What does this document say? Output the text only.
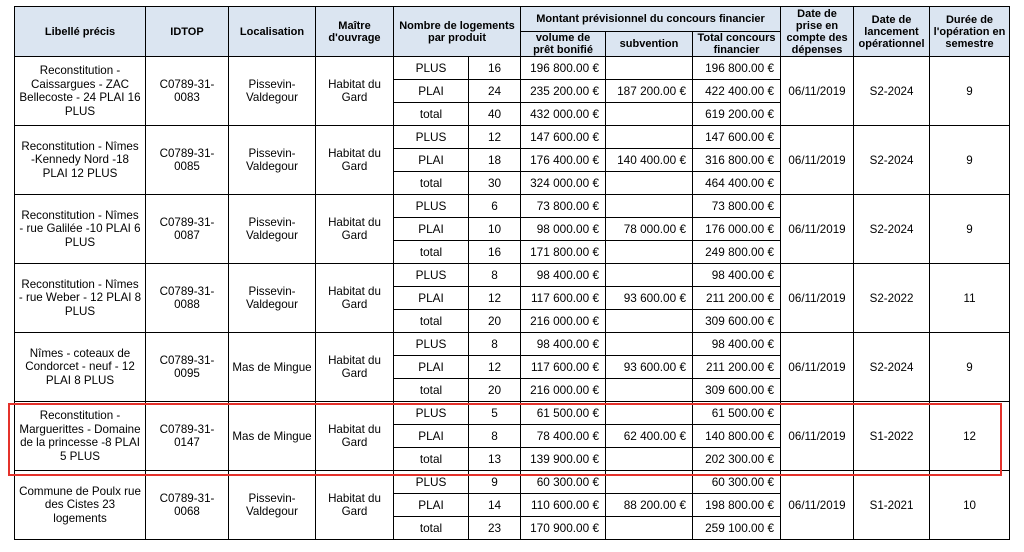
Libellé précis	IDTOP	Localisation	Maître d'ouvrage	Nombre de logements par produit		Montant prévisionnel du concours financier			Date de prise en compte des dépenses	Date de lancement opérationnel	Durée de l'opération en semestre
						volume de prêt bonifié	subvention	Total concours financier			
Reconstitution - Caissargues - ZAC Bellecoste - 24 PLAI 16 PLUS	C0789-31-0083	Pissevin-Valdegour	Habitat du Gard	PLUS	16	196 800.00 €		196 800.00 €	06/11/2019	S2-2024	9
				PLAI	24	235 200.00 €	187 200.00 €	422 400.00 €			
				total	40	432 000.00 €		619 200.00 €			
Reconstitution - Nîmes -Kennedy Nord -18 PLAI 12 PLUS	C0789-31-0085	Pissevin-Valdegour	Habitat du Gard	PLUS	12	147 600.00 €		147 600.00 €	06/11/2019	S2-2024	9
				PLAI	18	176 400.00 €	140 400.00 €	316 800.00 €			
				total	30	324 000.00 €		464 400.00 €			
Reconstitution - Nîmes - rue Galilée -10 PLAI 6 PLUS	C0789-31-0087	Pissevin-Valdegour	Habitat du Gard	PLUS	6	73 800.00 €		73 800.00 €	06/11/2019	S2-2024	9
				PLAI	10	98 000.00 €	78 000.00 €	176 000.00 €			
				total	16	171 800.00 €		249 800.00 €			
Reconstitution - Nîmes - rue Weber - 12 PLAI 8 PLUS	C0789-31-0088	Pissevin-Valdegour	Habitat du Gard	PLUS	8	98 400.00 €		98 400.00 €	06/11/2019	S2-2022	11
				PLAI	12	117 600.00 €	93 600.00 €	211 200.00 €			
				total	20	216 000.00 €		309 600.00 €			
Nîmes - coteaux de Condorcet - neuf - 12 PLAI 8 PLUS	C0789-31-0095	Mas de Mingue	Habitat du Gard	PLUS	8	98 400.00 €		98 400.00 €	06/11/2019	S2-2024	9
				PLAI	12	117 600.00 €	93 600.00 €	211 200.00 €			
				total	20	216 000.00 €		309 600.00 €			
Reconstitution - Marguerittes - Domaine de la princesse -8 PLAI 5 PLUS	C0789-31-0147	Mas de Mingue	Habitat du Gard	PLUS	5	61 500.00 €		61 500.00 €	06/11/2019	S1-2022	12
				PLAI	8	78 400.00 €	62 400.00 €	140 800.00 €			
				total	13	139 900.00 €		202 300.00 €			
Commune de Poulx rue des Cistes 23 logements	C0789-31-0068	Pissevin-Valdegour	Habitat du Gard	PLUS	9	60 300.00 €		60 300.00 €	06/11/2019	S1-2021	10
				PLAI	14	110 600.00 €	88 200.00 €	198 800.00 €			
				total	23	170 900.00 €		259 100.00 €			
